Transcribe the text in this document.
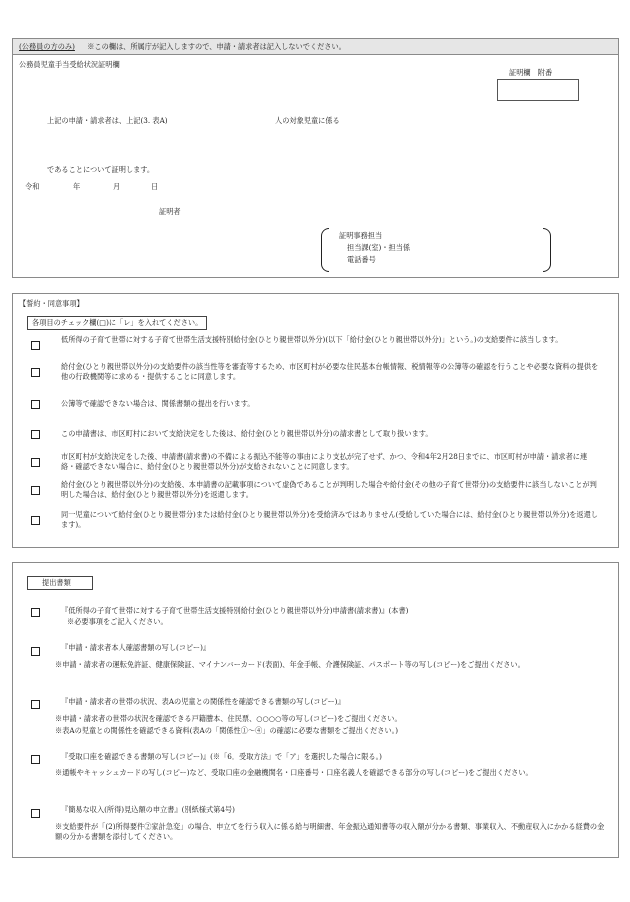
(公務員の方のみ) ※この欄は、所属庁が記入しますので、申請・請求者は記入しないでください。
公務員児童手当受給状況証明欄
証明欄　附番
上記の申請・請求者は、上記(3. 表A)	人の対象児童に係る
であることについて証明します。
令和	年	月	日
証明者
証明事務担当
担当課(室)・担当係
電話番号
【誓約・同意事項】
各項目のチェック欄(□)に「レ」を入れてください。
低所得の子育て世帯に対する子育て世帯生活支援特別給付金(ひとり親世帯以外分)(以下「給付金(ひとり親世帯以外分)」という。)の支給要件に該当します。
給付金(ひとり親世帯以外分)の支給要件の該当性等を審査等するため、市区町村が必要な住民基本台帳情報、税情報等の公簿等の確認を行うことや必要な資料の提供を他の行政機関等に求める・提供することに同意します。
公簿等で確認できない場合は、関係書類の提出を行います。
この申請書は、市区町村において支給決定をした後は、給付金(ひとり親世帯以外分)の請求書として取り扱います。
市区町村が支給決定をした後、申請書(請求書)の不備による振込不能等の事由により支払が完了せず、かつ、令和4年2月28日までに、市区町村が申請・請求者に連絡・確認できない場合に、給付金(ひとり親世帯以外分)が支給されないことに同意します。
給付金(ひとり親世帯以外分)の支給後、本申請書の記載事項について虚偽であることが判明した場合や給付金(その他の子育て世帯分)の支給要件に該当しないことが判明した場合は、給付金(ひとり親世帯以外分)を返還します。
同一児童について給付金(ひとり親世帯分)または給付金(ひとり親世帯以外分)を受給済みではありません(受給していた場合には、給付金(ひとり親世帯以外分)を返還します)。
提出書類
『低所得の子育て世帯に対する子育て世帯生活支援特別給付金(ひとり親世帯以外分)申請書(請求書)』(本書)
※必要事項をご記入ください。
『申請・請求者本人確認書類の写し(コピー)』
※申請・請求者の運転免許証、健康保険証、マイナンバーカード(表面)、年金手帳、介護保険証、パスポート等の写し(コピー)をご提出ください。
『申請・請求者の世帯の状況、表Aの児童との関係性を確認できる書類の写し(コピー)』
※申請・請求者の世帯の状況を確認できる戸籍謄本、住民票、○○○○等の写し(コピー)をご提出ください。
※表Aの児童との関係性を確認できる資料(表Aの「関係性①〜④」の確認に必要な書類をご提出ください。)
『受取口座を確認できる書類の写し(コピー)』(※「6．受取方法」で「ア」を選択した場合に限る。)
※通帳やキャッシュカードの写し(コピー)など、受取口座の金融機関名・口座番号・口座名義人を確認できる部分の写し(コピー)をご提出ください。
『簡易な収入(所得)見込額の申立書』(別紙様式第4号)
※支給要件が「(2)所得要件②家計急変」の場合、申立てを行う収入に係る給与明細書、年金振込通知書等の収入額が分かる書類、事業収入、不動産収入にかかる経費の金額の分かる書類を添付してください。
